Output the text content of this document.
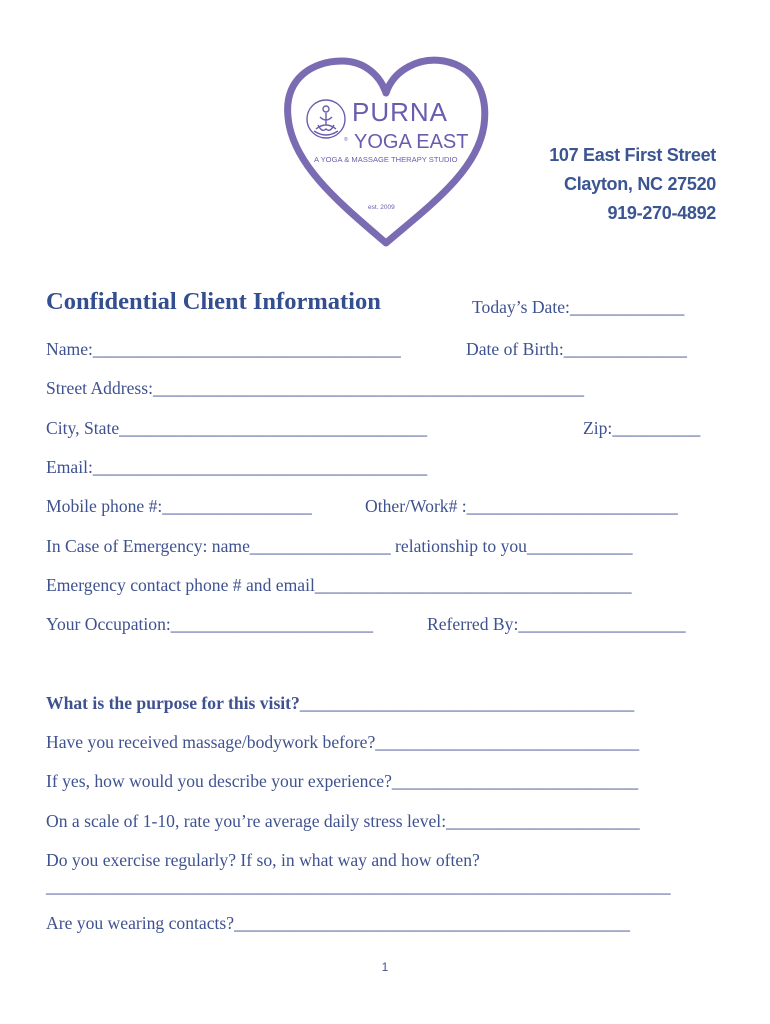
PURNA
® YOGA EAST
A YOGA & MASSAGE THERAPY STUDIO
est. 2009
107 East First Street
Clayton, NC 27520
919-270-4892
Confidential Client Information	Today’s Date:_____________
Name:___________________________________	Date of Birth:______________
Street Address:_________________________________________________
City, State___________________________________	Zip:__________
Email:______________________________________
Mobile phone #:_________________	Other/Work# :________________________
In Case of Emergency: name________________ relationship to you____________
Emergency contact phone # and email____________________________________
Your Occupation:_______________________	Referred By:___________________
What is the purpose for this visit?______________________________________
Have you received massage/bodywork before?______________________________
If yes, how would you describe your experience?____________________________
On a scale of 1-10, rate you’re average daily stress level:______________________
Do you exercise regularly? If so, in what way and how often?
_______________________________________________________________________
Are you wearing contacts?_____________________________________________
1
